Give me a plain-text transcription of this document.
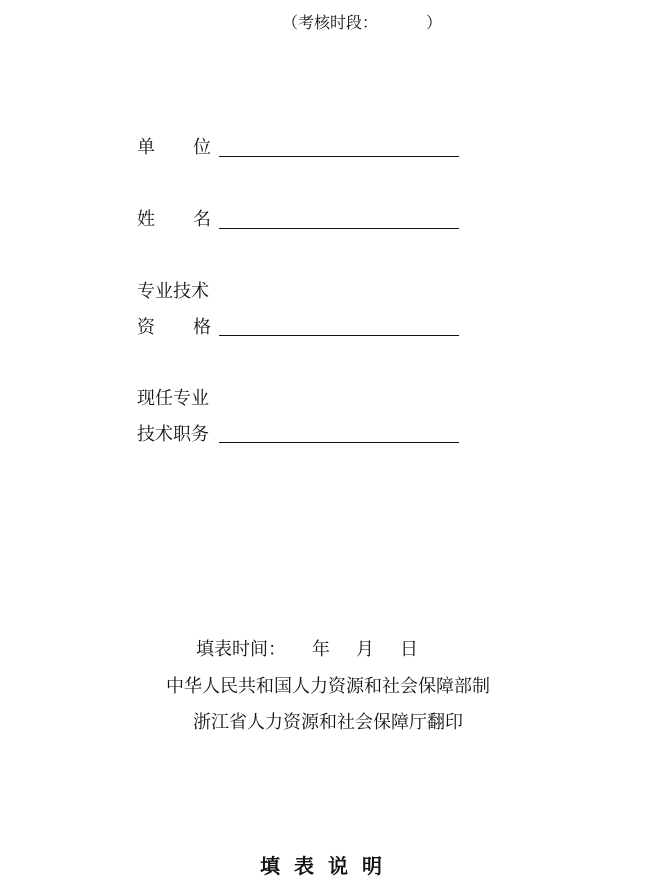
（考核时段：	）
单 位
姓 名
专业技术
资 格
现任专业
技术职务
填表时间： 年 月 日
中华人民共和国人力资源和社会保障部制
浙江省人力资源和社会保障厅翻印
填表说明
